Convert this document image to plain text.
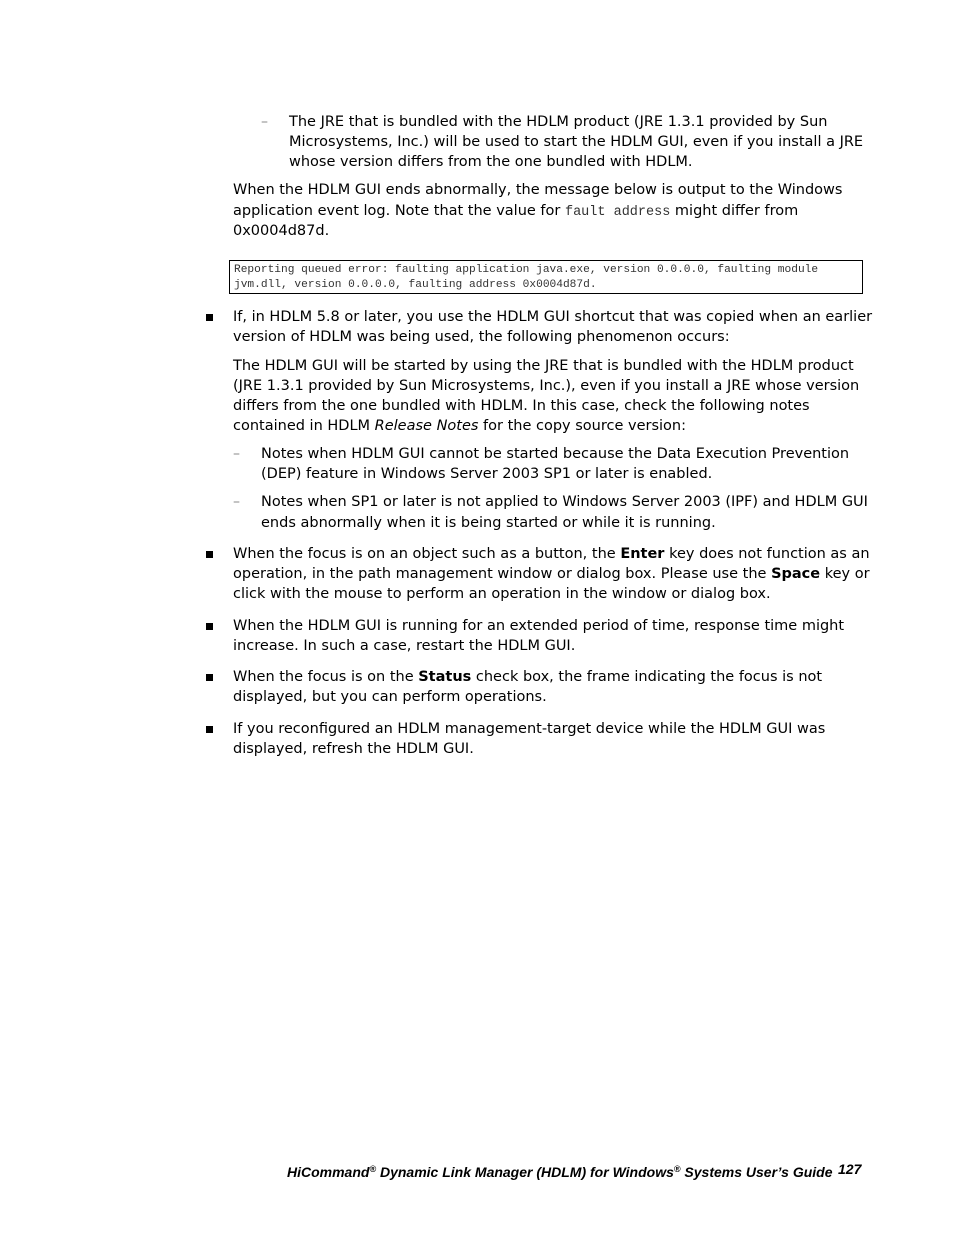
– The JRE that is bundled with the HDLM product (JRE 1.3.1 provided by Sun

Microsystems, Inc.) will be used to start the HDLM GUI, even if you install a JRE

whose version differs from the one bundled with HDLM.

When the HDLM GUI ends abnormally, the message below is output to the Windows

application event log. Note that the value for fault address might differ from

0x0004d87d.

Reporting queued error: faulting application java.exe, version 0.0.0.0, faulting module
jvm.dll, version 0.0.0.0, faulting address 0x0004d87d.

If, in HDLM 5.8 or later, you use the HDLM GUI shortcut that was copied when an earlier

version of HDLM was being used, the following phenomenon occurs:

The HDLM GUI will be started by using the JRE that is bundled with the HDLM product

(JRE 1.3.1 provided by Sun Microsystems, Inc.), even if you install a JRE whose version

differs from the one bundled with HDLM. In this case, check the following notes

contained in HDLM Release Notes for the copy source version:

– Notes when HDLM GUI cannot be started because the Data Execution Prevention

(DEP) feature in Windows Server 2003 SP1 or later is enabled.

– Notes when SP1 or later is not applied to Windows Server 2003 (IPF) and HDLM GUI

ends abnormally when it is being started or while it is running.

When the focus is on an object such as a button, the Enter key does not function as an

operation, in the path management window or dialog box. Please use the Space key or

click with the mouse to perform an operation in the window or dialog box.

When the HDLM GUI is running for an extended period of time, response time might

increase. In such a case, restart the HDLM GUI.

When the focus is on the Status check box, the frame indicating the focus is not

displayed, but you can perform operations.

If you reconfigured an HDLM management-target device while the HDLM GUI was

displayed, refresh the HDLM GUI.

HiCommand® Dynamic Link Manager (HDLM) for Windows® Systems User’s Guide 127
